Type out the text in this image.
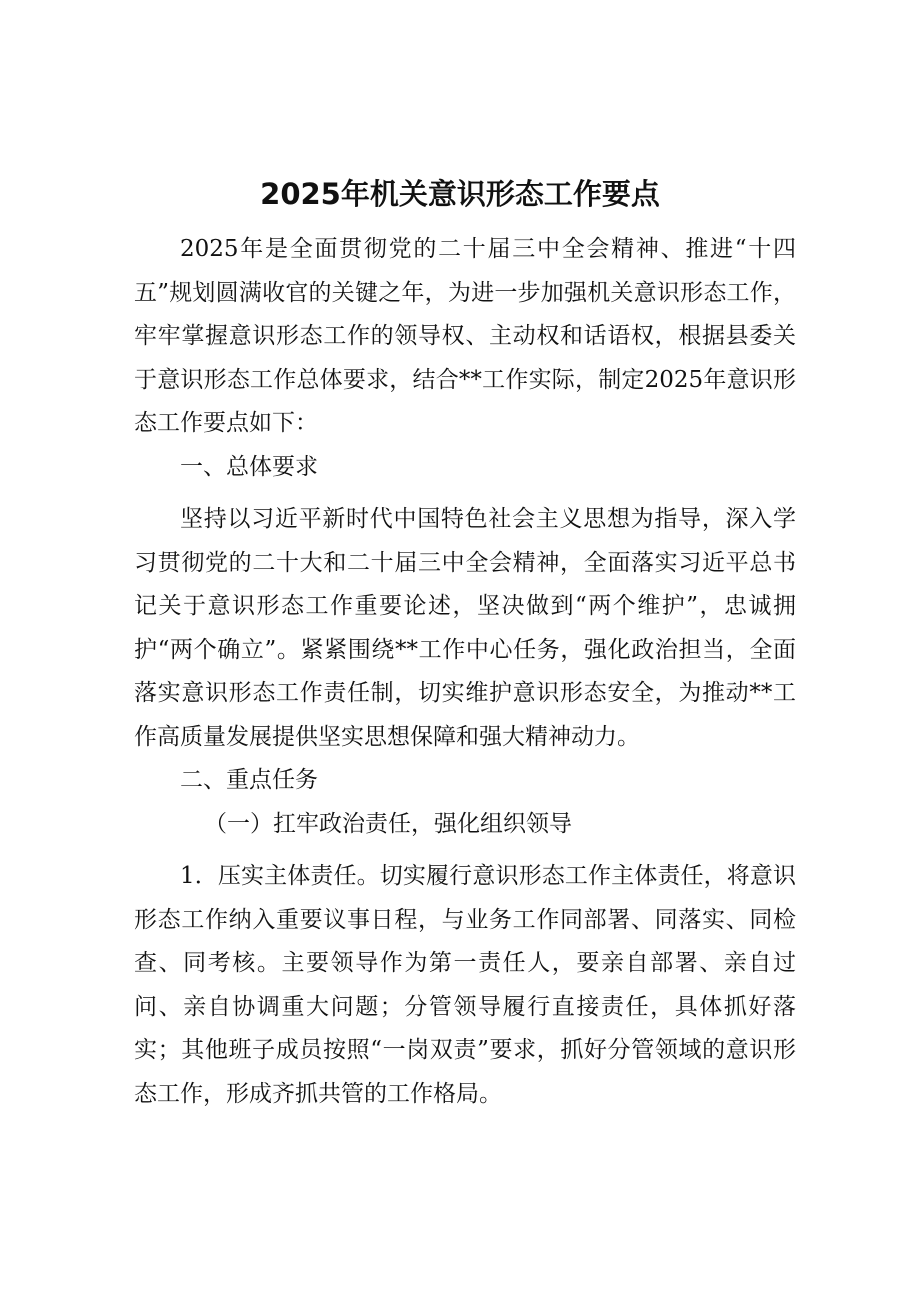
2025年机关意识形态工作要点

2025年是全面贯彻党的二十届三中全会精神、推进“十四五”规划圆满收官的关键之年，为进一步加强机关意识形态工作，牢牢掌握意识形态工作的领导权、主动权和话语权，根据县委关于意识形态工作总体要求，结合**工作实际，制定2025年意识形态工作要点如下：

一、总体要求

坚持以习近平新时代中国特色社会主义思想为指导，深入学习贯彻党的二十大和二十届三中全会精神，全面落实习近平总书记关于意识形态工作重要论述，坚决做到“两个维护”，忠诚拥护“两个确立”。紧紧围绕**工作中心任务，强化政治担当，全面落实意识形态工作责任制，切实维护意识形态安全，为推动**工作高质量发展提供坚实思想保障和强大精神动力。

二、重点任务

（一）扛牢政治责任，强化组织领导

1．压实主体责任。切实履行意识形态工作主体责任，将意识形态工作纳入重要议事日程，与业务工作同部署、同落实、同检查、同考核。主要领导作为第一责任人，要亲自部署、亲自过问、亲自协调重大问题；分管领导履行直接责任，具体抓好落实；其他班子成员按照“一岗双责”要求，抓好分管领域的意识形态工作，形成齐抓共管的工作格局。
